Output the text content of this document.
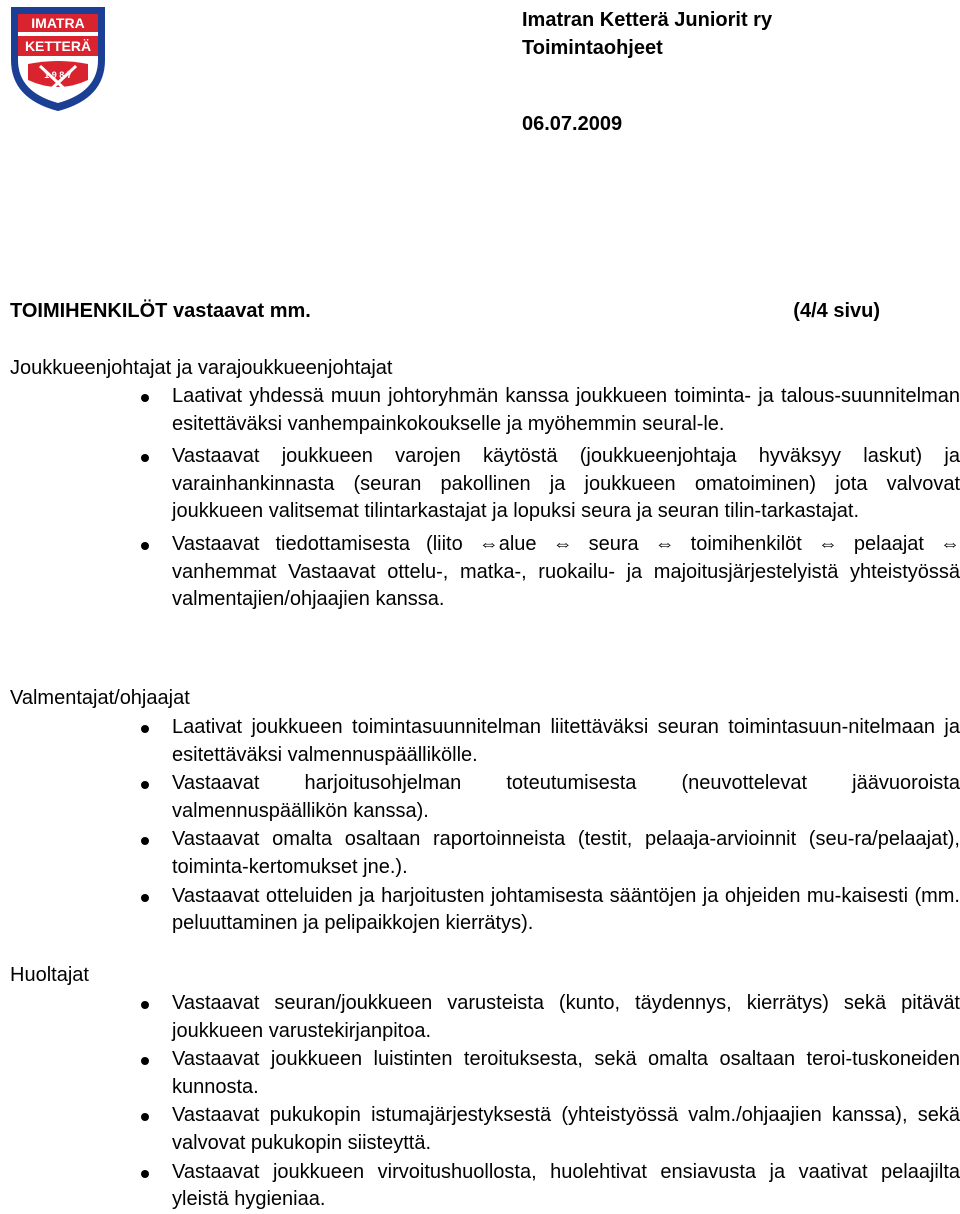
IMATRA
KETTERÄ
1 9 8 7
Imatran Ketterä Juniorit ry
Toimintaohjeet
06.07.2009
TOIMIHENKILÖT vastaavat mm.	(4/4 sivu)
Joukkueenjohtajat ja varajoukkueenjohtajat
Laativat yhdessä muun johtoryhmän kanssa joukkueen toiminta- ja talous-suunnitelman esitettäväksi vanhempainkokoukselle ja myöhemmin seural-le.
Vastaavat joukkueen varojen käytöstä (joukkueenjohtaja hyväksyy laskut) ja varainhankinnasta (seuran pakollinen ja joukkueen omatoiminen) jota valvovat joukkueen valitsemat tilintarkastajat ja lopuksi seura ja seuran tilin-tarkastajat.
Vastaavat tiedottamisesta (liito ⇔alue ⇔ seura ⇔ toimihenkilöt ⇔ pelaajat ⇔ vanhemmat Vastaavat ottelu-, matka-, ruokailu- ja majoitusjärjestelyistä yhteistyössä valmentajien/ohjaajien kanssa.
Valmentajat/ohjaajat
Laativat joukkueen toimintasuunnitelman liitettäväksi seuran toimintasuun-nitelmaan ja esitettäväksi valmennuspäällikölle.
Vastaavat harjoitusohjelman toteutumisesta (neuvottelevat jäävuoroista valmennuspäällikön kanssa).
Vastaavat omalta osaltaan raportoinneista (testit, pelaaja-arvioinnit (seu-ra/pelaajat), toiminta-kertomukset jne.).
Vastaavat otteluiden ja harjoitusten johtamisesta sääntöjen ja ohjeiden mu-kaisesti (mm. peluuttaminen ja pelipaikkojen kierrätys).
Huoltajat
Vastaavat seuran/joukkueen varusteista (kunto, täydennys, kierrätys) sekä pitävät joukkueen varustekirjanpitoa.
Vastaavat joukkueen luistinten teroituksesta, sekä omalta osaltaan teroi-tuskoneiden kunnosta.
Vastaavat pukukopin istumajärjestyksestä (yhteistyössä valm./ohjaajien kanssa), sekä valvovat pukukopin siisteyttä.
Vastaavat joukkueen virvoitushuollosta, huolehtivat ensiavusta ja vaativat pelaajilta yleistä hygieniaa.
